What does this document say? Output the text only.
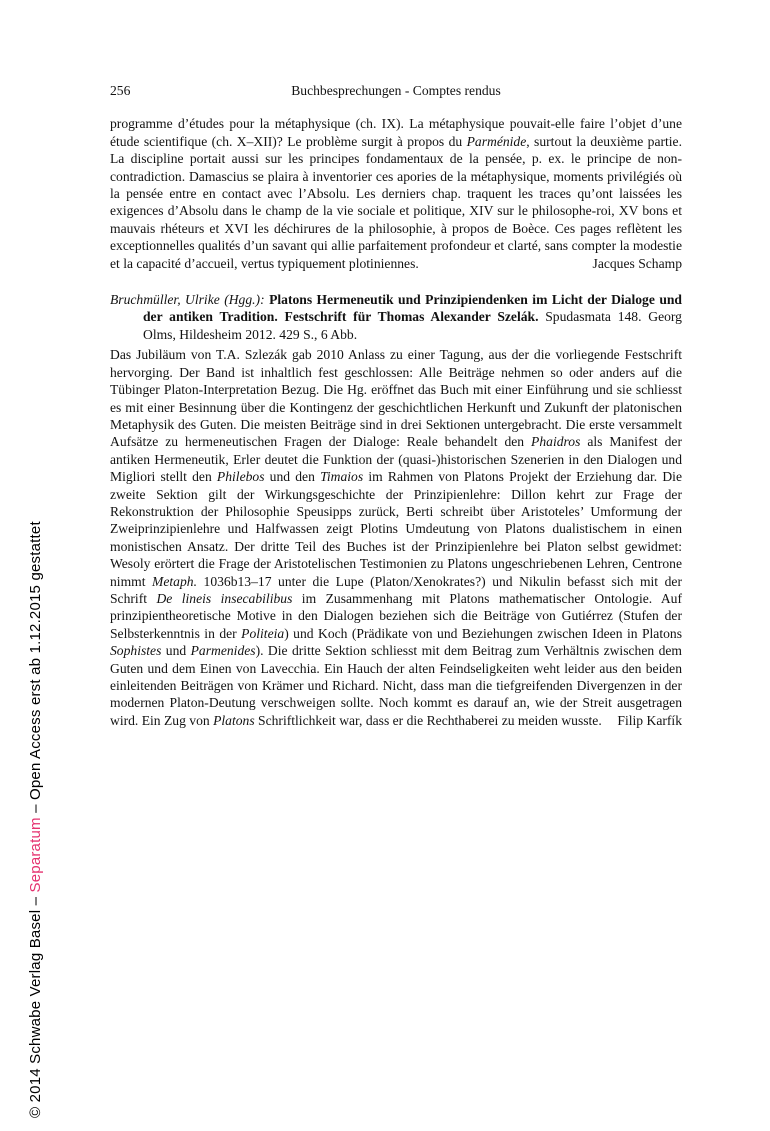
© 2014 Schwabe Verlag Basel – Separatum – Open Access erst ab 1.12.2015 gestattet
256	Buchbesprechungen - Comptes rendus

programme d’études pour la métaphysique (ch. IX). La métaphysique pouvait-elle faire l’objet d’une étude scientifique (ch. X–XII)? Le problème surgit à propos du Parménide, surtout la deuxième partie. La discipline portait aussi sur les principes fondamentaux de la pensée, p. ex. le principe de non-contradiction. Damascius se plaira à inventorier ces apories de la métaphysique, moments privilégiés où la pensée entre en contact avec l’Absolu. Les derniers chap. traquent les traces qu’ont laissées les exigences d’Absolu dans le champ de la vie sociale et politique, XIV sur le philosophe-roi, XV bons et mauvais rhéteurs et XVI les déchirures de la philosophie, à propos de Boèce. Ces pages reflètent les exceptionnelles qualités d’un savant qui allie parfaitement profondeur et clarté, sans compter la modestie et la capacité d’accueil, vertus typiquement plotiniennes.	Jacques Schamp

Bruchmüller, Ulrike (Hgg.): Platons Hermeneutik und Prinzipiendenken im Licht der Dialoge und der antiken Tradition. Festschrift für Thomas Alexander Szelák. Spudasmata 148. Georg Olms, Hildesheim 2012. 429 S., 6 Abb.

Das Jubiläum von T.A. Szlezák gab 2010 Anlass zu einer Tagung, aus der die vorliegende Festschrift hervorging. Der Band ist inhaltlich fest geschlossen: Alle Beiträge nehmen so oder anders auf die Tübinger Platon-Interpretation Bezug. Die Hg. eröffnet das Buch mit einer Einführung und sie schliesst es mit einer Besinnung über die Kontingenz der geschichtlichen Herkunft und Zukunft der platonischen Metaphysik des Guten. Die meisten Beiträge sind in drei Sektionen untergebracht. Die erste versammelt Aufsätze zu hermeneutischen Fragen der Dialoge: Reale behandelt den Phaidros als Manifest der antiken Hermeneutik, Erler deutet die Funktion der (quasi-)historischen Szenerien in den Dialogen und Migliori stellt den Philebos und den Timaios im Rahmen von Platons Projekt der Erziehung dar. Die zweite Sektion gilt der Wirkungsgeschichte der Prinzipienlehre: Dillon kehrt zur Frage der Rekonstruktion der Philosophie Speusipps zurück, Berti schreibt über Aristoteles’ Umformung der Zweiprinzipienlehre und Halfwassen zeigt Plotins Umdeutung von Platons dualistischem in einen monistischen Ansatz. Der dritte Teil des Buches ist der Prinzipienlehre bei Platon selbst gewidmet: Wesoly erörtert die Frage der Aristotelischen Testimonien zu Platons ungeschriebenen Lehren, Centrone nimmt Metaph. 1036b13–17 unter die Lupe (Platon/Xenokrates?) und Nikulin befasst sich mit der Schrift De lineis insecabilibus im Zusammenhang mit Platons mathematischer Ontologie. Auf prinzipientheoretische Motive in den Dialogen beziehen sich die Beiträge von Gutiérrez (Stufen der Selbsterkenntnis in der Politeia) und Koch (Prädikate von und Beziehungen zwischen Ideen in Platons Sophistes und Parmenides). Die dritte Sektion schliesst mit dem Beitrag zum Verhältnis zwischen dem Guten und dem Einen von Lavecchia. Ein Hauch der alten Feindseligkeiten weht leider aus den beiden einleitenden Beiträgen von Krämer und Richard. Nicht, dass man die tiefgreifenden Divergenzen in der modernen Platon-Deutung verschweigen sollte. Noch kommt es darauf an, wie der Streit ausgetragen wird. Ein Zug von Platons Schriftlichkeit war, dass er die Rechthaberei zu meiden wusste. Filip Karfík
